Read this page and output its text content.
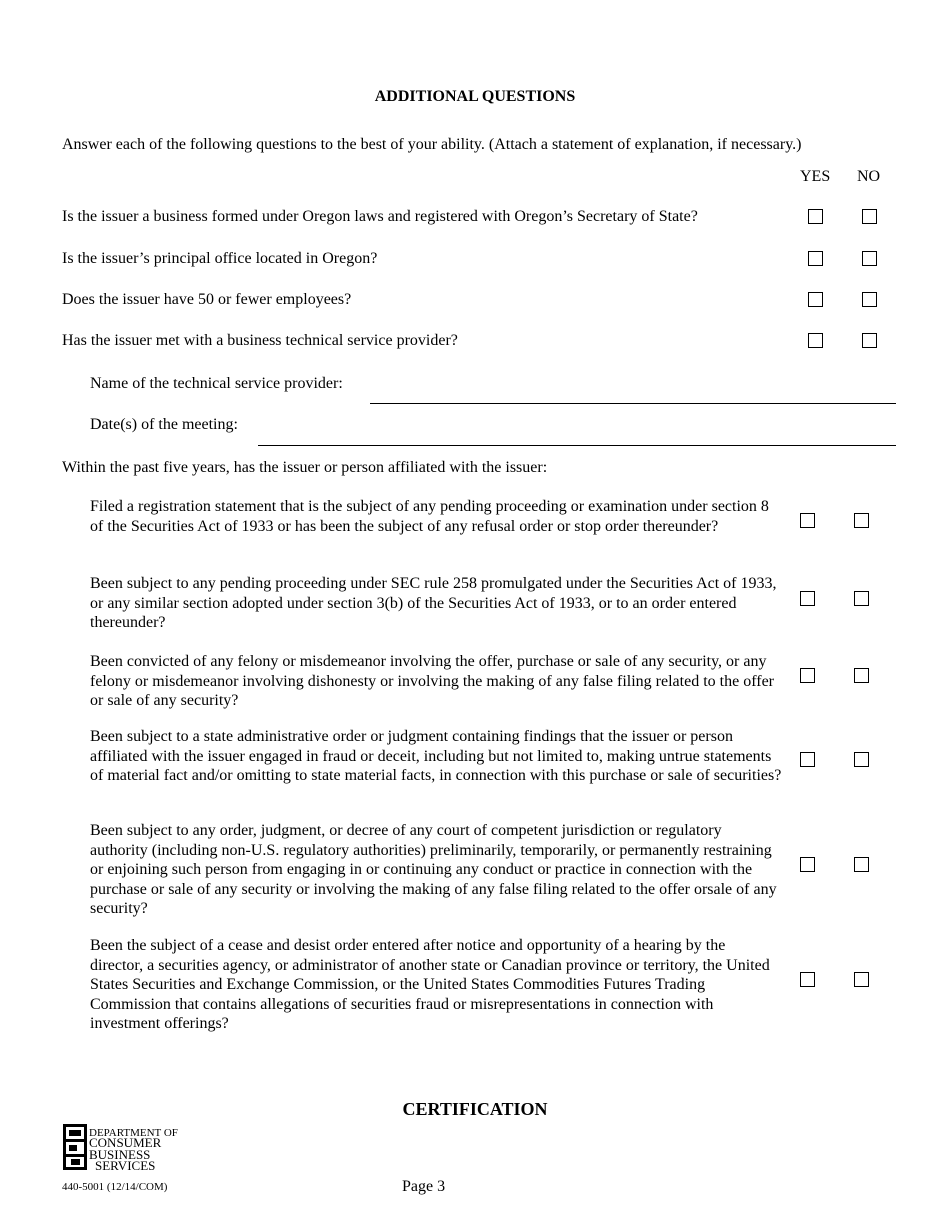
ADDITIONAL QUESTIONS
Answer each of the following questions to the best of your ability. (Attach a statement of explanation, if necessary.)
YES NO
Is the issuer a business formed under Oregon laws and registered with Oregon’s Secretary of State?
Is the issuer’s principal office located in Oregon?
Does the issuer have 50 or fewer employees?
Has the issuer met with a business technical service provider?
Name of the technical service provider:
Date(s) of the meeting:
Within the past five years, has the issuer or person affiliated with the issuer:
Filed a registration statement that is the subject of any pending proceeding or examination under section 8 of the Securities Act of 1933 or has been the subject of any refusal order or stop order thereunder?
Been subject to any pending proceeding under SEC rule 258 promulgated under the Securities Act of 1933, or any similar section adopted under section 3(b) of the Securities Act of 1933, or to an order entered thereunder?
Been convicted of any felony or misdemeanor involving the offer, purchase or sale of any security, or any felony or misdemeanor involving dishonesty or involving the making of any false filing related to the offer or sale of any security?
Been subject to a state administrative order or judgment containing findings that the issuer or person affiliated with the issuer engaged in fraud or deceit, including but not limited to, making untrue statements of material fact and/or omitting to state material facts, in connection with this purchase or sale of securities?
Been subject to any order, judgment, or decree of any court of competent jurisdiction or regulatory authority (including non-U.S. regulatory authorities) preliminarily, temporarily, or permanently restraining or enjoining such person from engaging in or continuing any conduct or practice in connection with the purchase or sale of any security or involving the making of any false filing related to the offer orsale of any security?
Been the subject of a cease and desist order entered after notice and opportunity of a hearing by the director, a securities agency, or administrator of another state or Canadian province or territory, the United States Securities and Exchange Commission, or the United States Commodities Futures Trading Commission that contains allegations of securities fraud or misrepresentations in connection with investment offerings?
CERTIFICATION
DEPARTMENT OF
CONSUMER
BUSINESS
SERVICES
440-5001 (12/14/COM)	Page 3
